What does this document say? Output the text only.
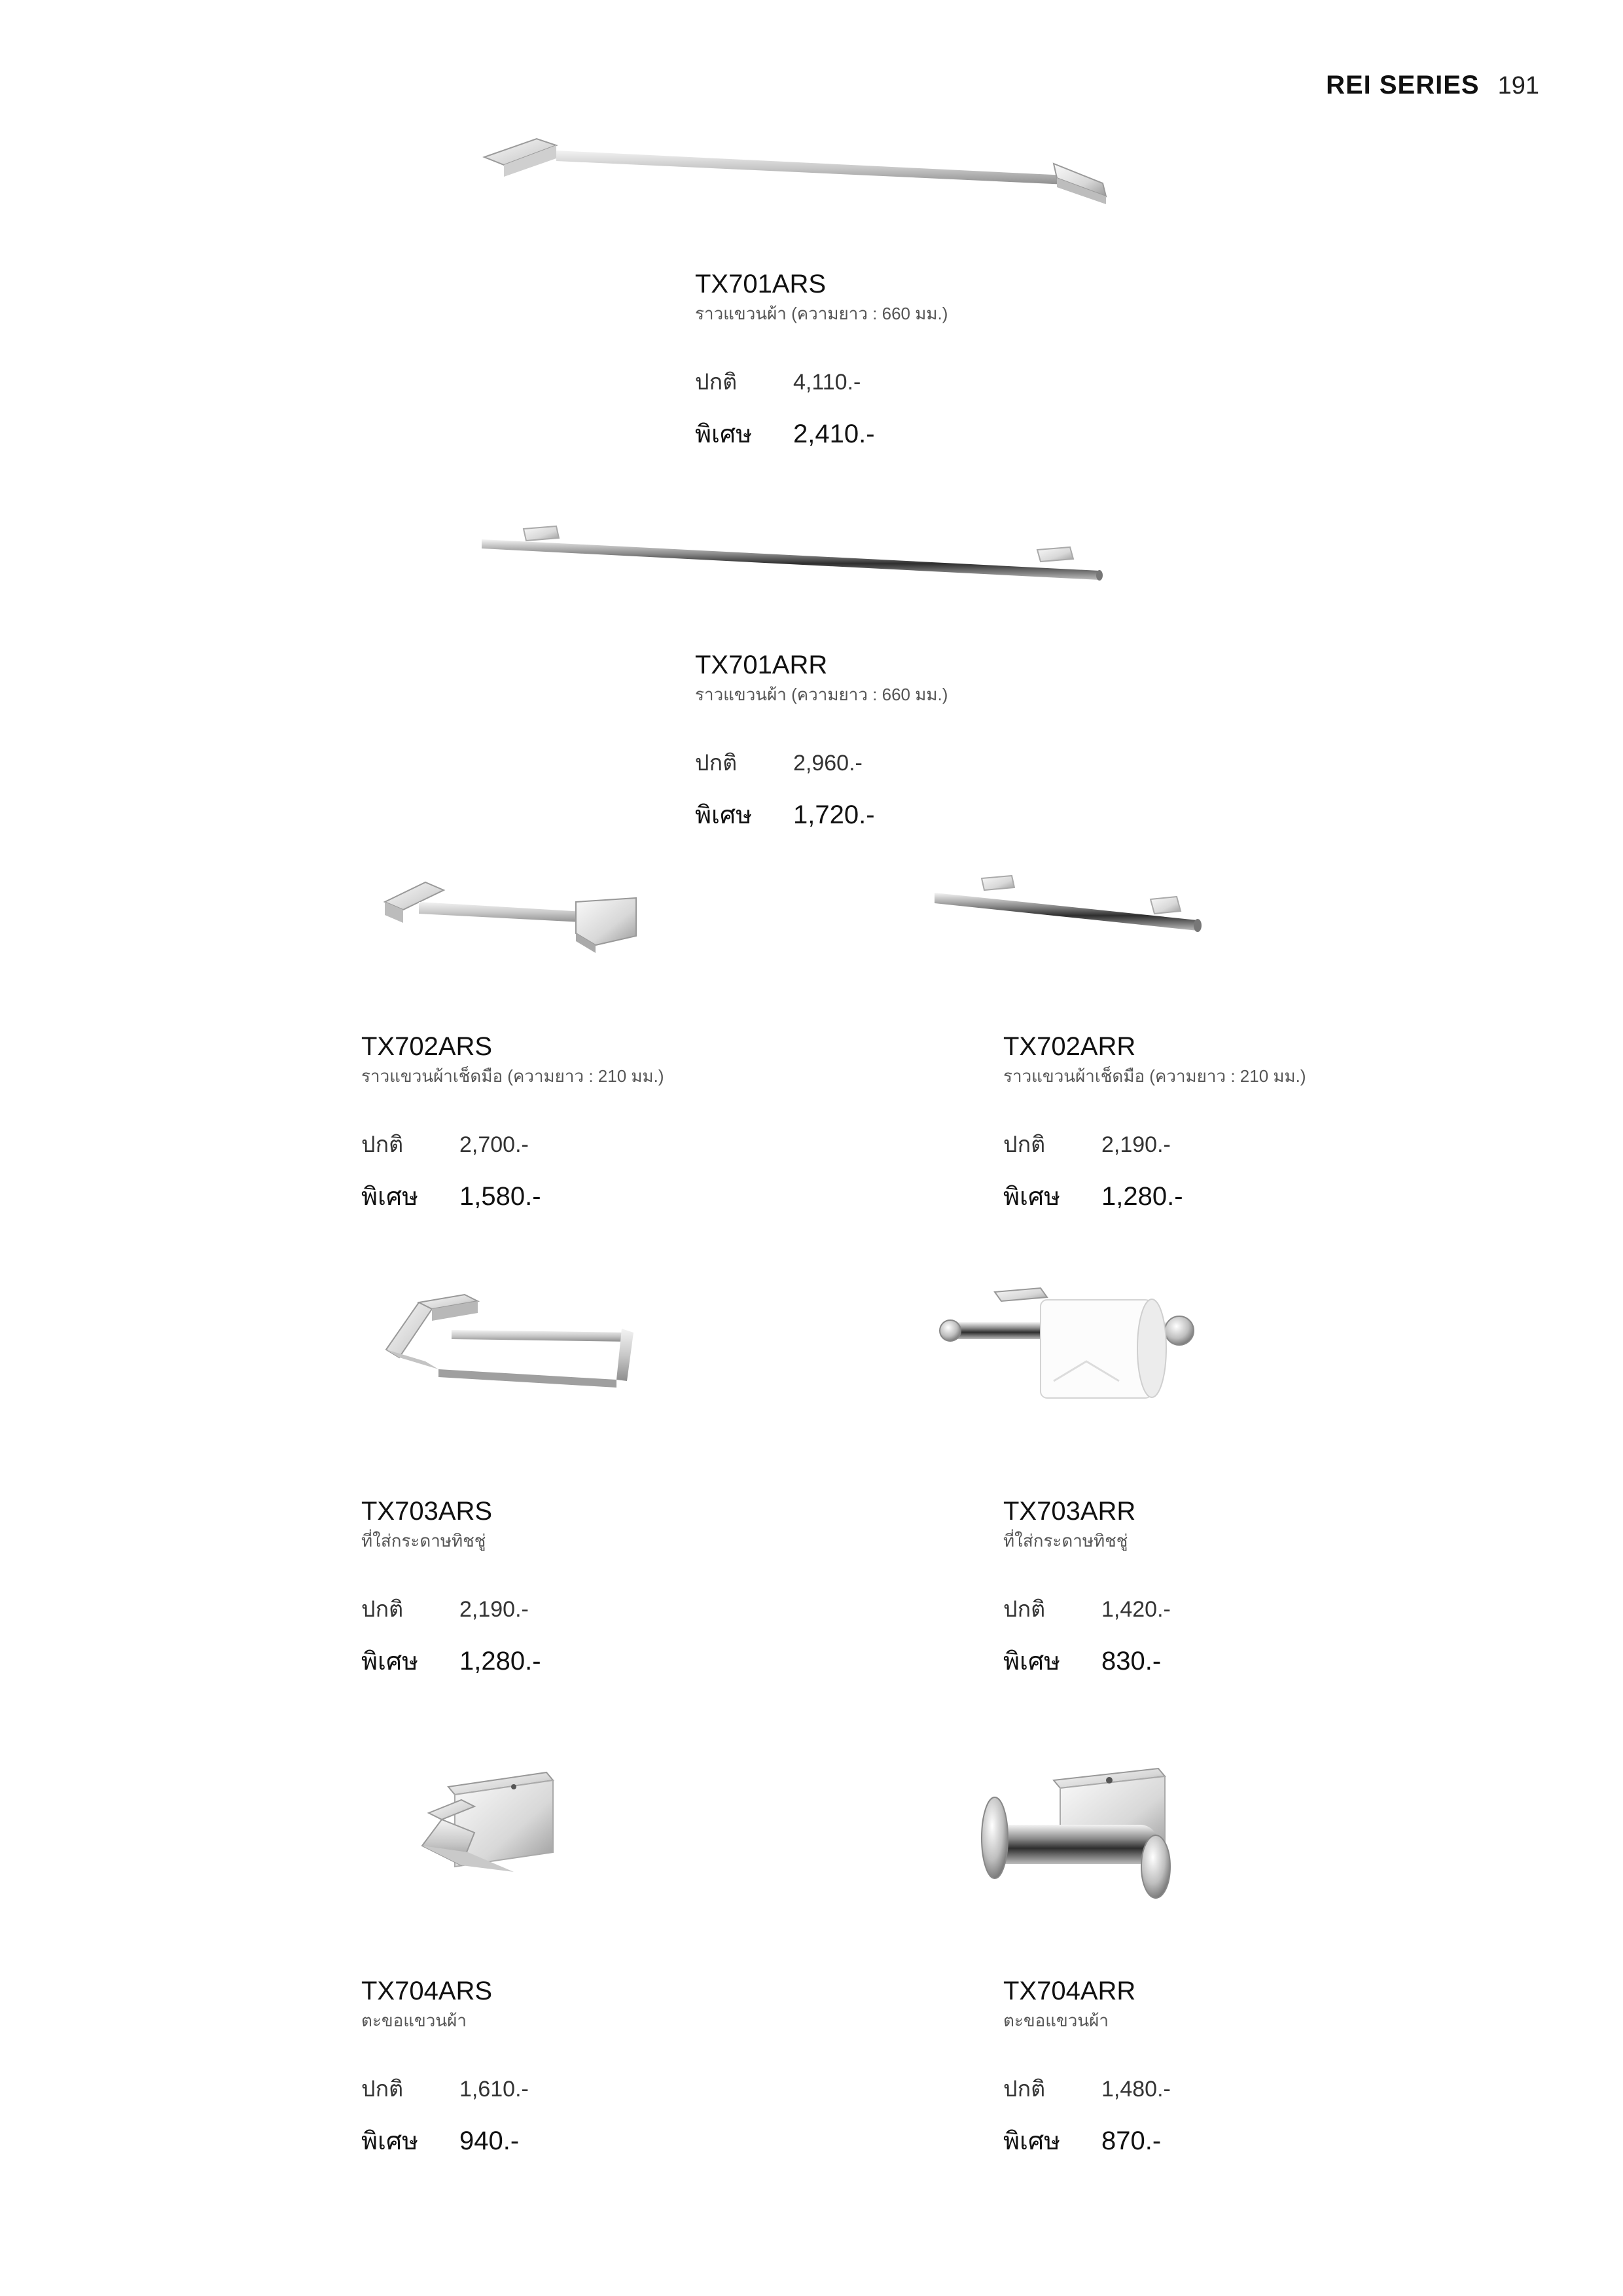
REI SERIES 191
TX701ARS
ราวแขวนผ้า (ความยาว : 660 มม.)
ปกติ	4,110.-
พิเศษ	2,410.-
TX701ARR
ราวแขวนผ้า (ความยาว : 660 มม.)
ปกติ	2,960.-
พิเศษ	1,720.-
TX702ARS
ราวแขวนผ้าเช็ดมือ (ความยาว : 210 มม.)
ปกติ	2,700.-
พิเศษ	1,580.-
TX702ARR
ราวแขวนผ้าเช็ดมือ (ความยาว : 210 มม.)
ปกติ	2,190.-
พิเศษ	1,280.-
TX703ARS
ที่ใส่กระดาษทิชชู่
ปกติ	2,190.-
พิเศษ	1,280.-
TX703ARR
ที่ใส่กระดาษทิชชู่
ปกติ	1,420.-
พิเศษ	830.-
TX704ARS
ตะขอแขวนผ้า
ปกติ	1,610.-
พิเศษ	940.-
TX704ARR
ตะขอแขวนผ้า
ปกติ	1,480.-
พิเศษ	870.-
